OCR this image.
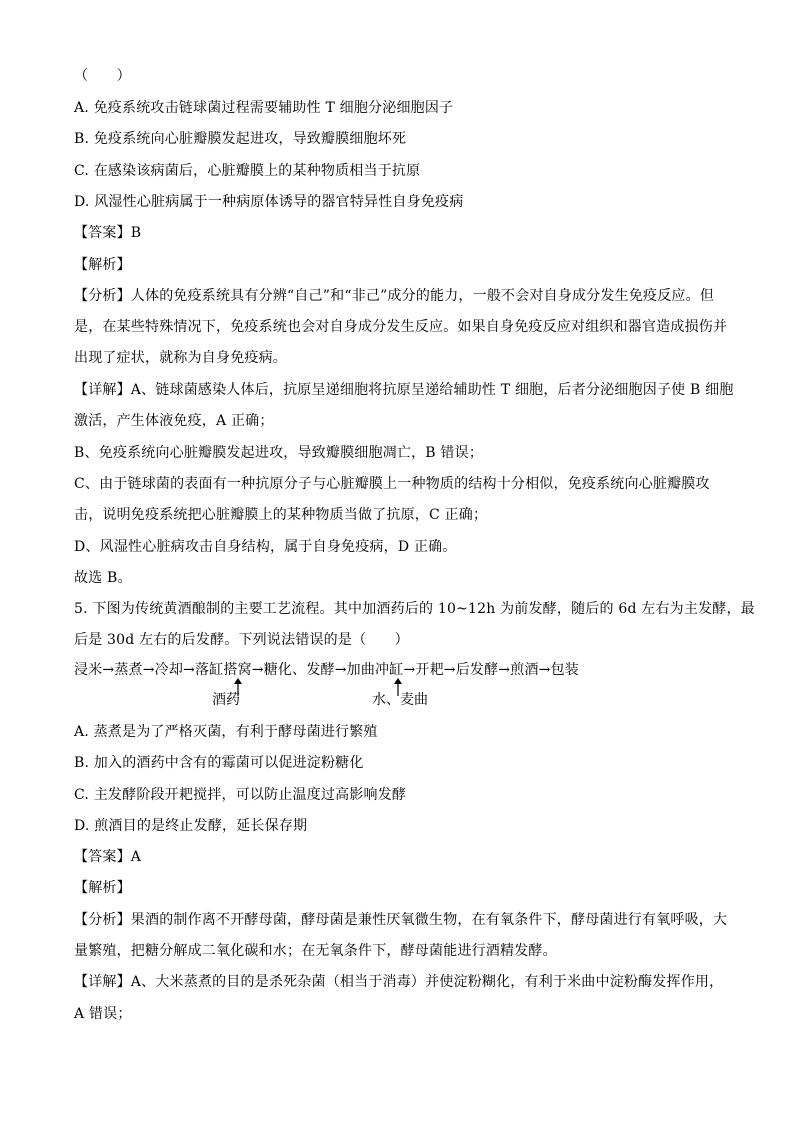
（　　）
A. 免疫系统攻击链球菌过程需要辅助性 T 细胞分泌细胞因子
B. 免疫系统向心脏瓣膜发起进攻，导致瓣膜细胞坏死
C. 在感染该病菌后，心脏瓣膜上的某种物质相当于抗原
D. 风湿性心脏病属于一种病原体诱导的器官特异性自身免疫病
【答案】B
【解析】
【分析】人体的免疫系统具有分辨“自己”和“非己”成分的能力，一般不会对自身成分发生免疫反应。但
是，在某些特殊情况下，免疫系统也会对自身成分发生反应。如果自身免疫反应对组织和器官造成损伤并
出现了症状，就称为自身免疫病。
【详解】A、链球菌感染人体后，抗原呈递细胞将抗原呈递给辅助性 T 细胞，后者分泌细胞因子使 B 细胞
激活，产生体液免疫，A 正确；
B、免疫系统向心脏瓣膜发起进攻，导致瓣膜细胞凋亡，B 错误；
C、由于链球菌的表面有一种抗原分子与心脏瓣膜上一种物质的结构十分相似，免疫系统向心脏瓣膜攻
击，说明免疫系统把心脏瓣膜上的某种物质当做了抗原，C 正确；
D、风湿性心脏病攻击自身结构，属于自身免疫病，D 正确。
故选 B。
5. 下图为传统黄酒酿制的主要工艺流程。其中加酒药后的 10~12h 为前发酵，随后的 6d 左右为主发酵，最
后是 30d 左右的后发酵。下列说法错误的是（　　）
浸米→蒸煮→冷却→落缸搭窝→糖化、发酵→加曲冲缸→开耙→后发酵→煎酒→包装
酒药	水、麦曲
A. 蒸煮是为了严格灭菌，有利于酵母菌进行繁殖
B. 加入的酒药中含有的霉菌可以促进淀粉糖化
C. 主发酵阶段开耙搅拌，可以防止温度过高影响发酵
D. 煎酒目的是终止发酵，延长保存期
【答案】A
【解析】
【分析】果酒的制作离不开酵母菌，酵母菌是兼性厌氧微生物，在有氧条件下，酵母菌进行有氧呼吸，大
量繁殖，把糖分解成二氧化碳和水；在无氧条件下，酵母菌能进行酒精发酵。
【详解】A、大米蒸煮的目的是杀死杂菌（相当于消毒）并使淀粉糊化，有利于米曲中淀粉酶发挥作用，
A 错误；
